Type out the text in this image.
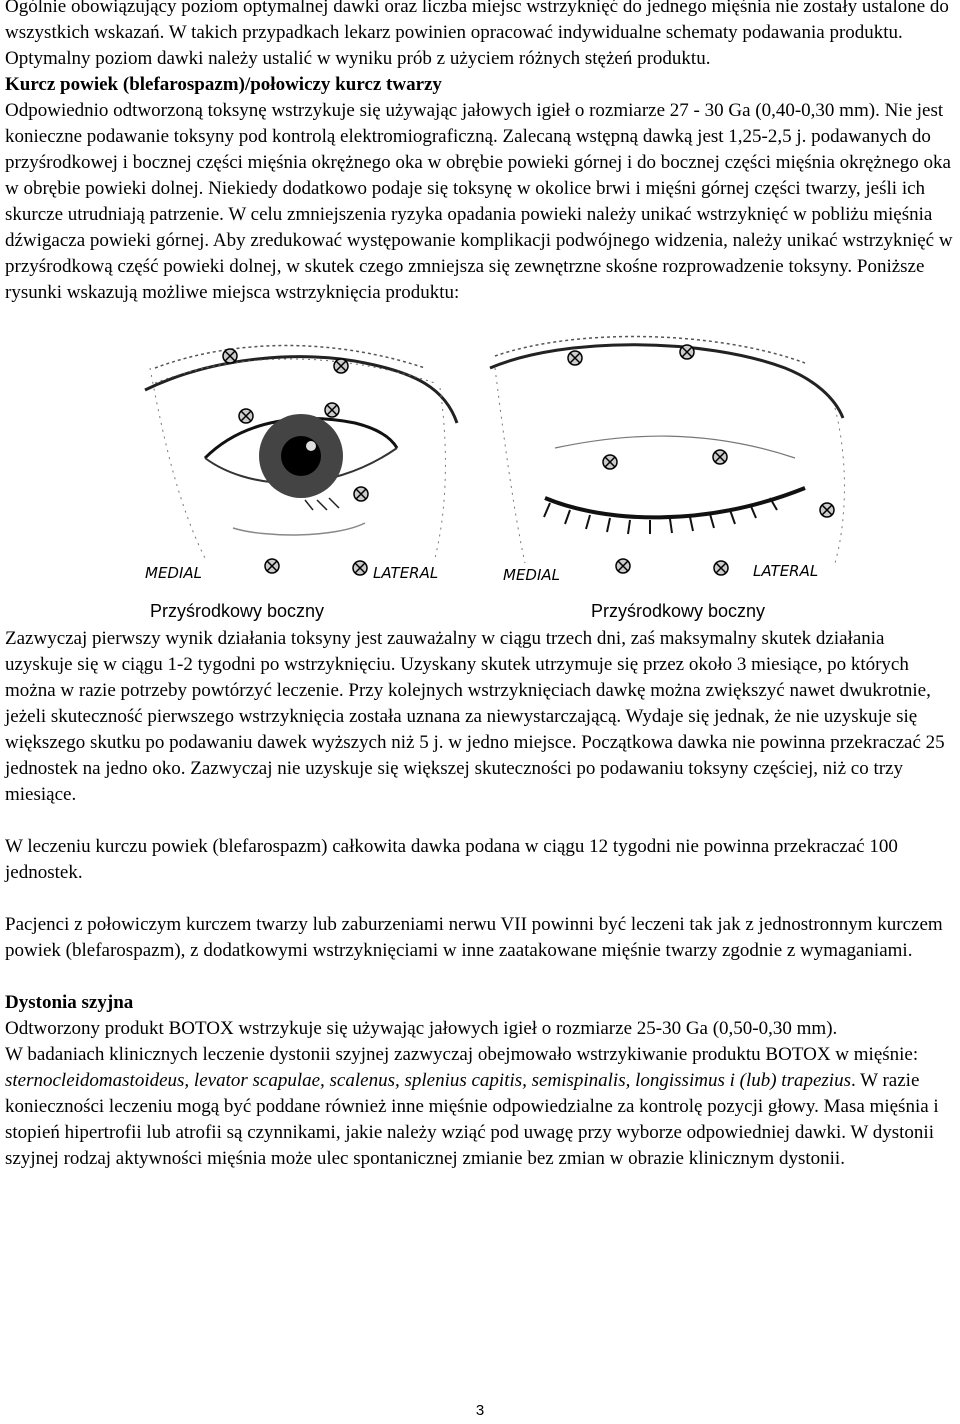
Ogólnie obowiązujący poziom optymalnej dawki oraz liczba miejsc wstrzyknięć do jednego mięśnia nie zostały ustalone do wszystkich wskazań. W takich przypadkach lekarz powinien opracować indywidualne schematy podawania produktu. Optymalny poziom dawki należy ustalić w wyniku prób z użyciem różnych stężeń produktu.

Kurcz powiek (blefarospazm)/połowiczy kurcz twarzy

Odpowiednio odtworzoną toksynę wstrzykuje się używając jałowych igieł o rozmiarze 27 - 30 Ga (0,40-0,30 mm). Nie jest konieczne podawanie toksyny pod kontrolą elektromiograficzną. Zalecaną wstępną dawką jest 1,25-2,5 j. podawanych do przyśrodkowej i bocznej części mięśnia okrężnego oka w obrębie powieki górnej i do bocznej części mięśnia okrężnego oka w obrębie powieki dolnej. Niekiedy dodatkowo podaje się toksynę w okolice brwi i mięśni górnej części twarzy, jeśli ich skurcze utrudniają patrzenie. W celu zmniejszenia ryzyka opadania powieki należy unikać wstrzyknięć w pobliżu mięśnia dźwigacza powieki górnej. Aby zredukować występowanie komplikacji podwójnego widzenia, należy unikać wstrzyknięć w przyśrodkową część powieki dolnej, w skutek czego zmniejsza się zewnętrzne skośne rozprowadzenie toksyny. Poniższe rysunki wskazują możliwe miejsca wstrzyknięcia produktu:

MEDIAL	LATERAL	MEDIAL	LATERAL
Przyśrodkowy boczny	Przyśrodkowy boczny

Zazwyczaj pierwszy wynik działania toksyny jest zauważalny w ciągu trzech dni, zaś maksymalny skutek działania uzyskuje się w ciągu 1-2 tygodni po wstrzyknięciu. Uzyskany skutek utrzymuje się przez około 3 miesiące, po których można w razie potrzeby powtórzyć leczenie. Przy kolejnych wstrzyknięciach dawkę można zwiększyć nawet dwukrotnie, jeżeli skuteczność pierwszego wstrzyknięcia została uznana za niewystarczającą. Wydaje się jednak, że nie uzyskuje się większego skutku po podawaniu dawek wyższych niż 5 j. w jedno miejsce. Początkowa dawka nie powinna przekraczać 25 jednostek na jedno oko. Zazwyczaj nie uzyskuje się większej skuteczności po podawaniu toksyny częściej, niż co trzy miesiące.

W leczeniu kurczu powiek (blefarospazm) całkowita dawka podana w ciągu 12 tygodni nie powinna przekraczać 100 jednostek.

Pacjenci z połowiczym kurczem twarzy lub zaburzeniami nerwu VII powinni być leczeni tak jak z jednostronnym kurczem powiek (blefarospazm), z dodatkowymi wstrzyknięciami w inne zaatakowane mięśnie twarzy zgodnie z wymaganiami.

Dystonia szyjna

Odtworzony produkt BOTOX wstrzykuje się używając jałowych igieł o rozmiarze 25-30 Ga (0,50-0,30 mm).

W badaniach klinicznych leczenie dystonii szyjnej zazwyczaj obejmowało wstrzykiwanie produktu BOTOX w mięśnie: sternocleidomastoideus, levator scapulae, scalenus, splenius capitis, semispinalis, longissimus i (lub) trapezius. W razie konieczności leczeniu mogą być poddane również inne mięśnie odpowiedzialne za kontrolę pozycji głowy. Masa mięśnia i stopień hipertrofii lub atrofii są czynnikami, jakie należy wziąć pod uwagę przy wyborze odpowiedniej dawki. W dystonii szyjnej rodzaj aktywności mięśnia może ulec spontanicznej zmianie bez zmian w obrazie klinicznym dystonii.

3
